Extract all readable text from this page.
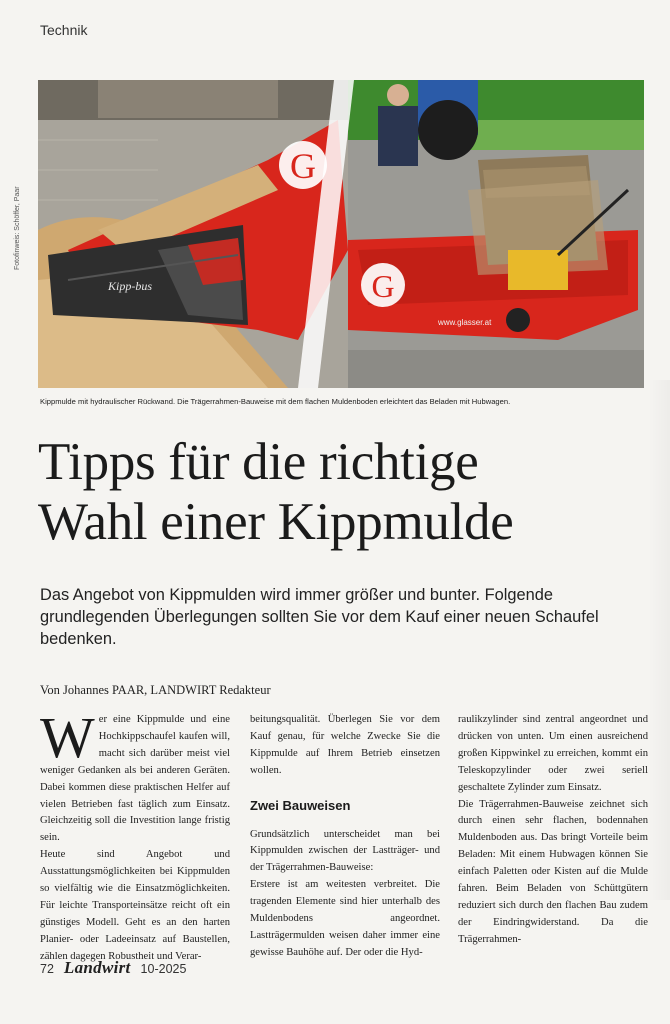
Technik
G
Kipp-bus	G
www.glasser.at
Fotofinweis: Schöffer, Paar
Kippmulde mit hydraulischer Rückwand. Die Trägerrahmen-Bauweise mit dem flachen Muldenboden erleichtert das Beladen mit Hubwagen.
Tipps für die richtige
Wahl einer Kippmulde

Das Angebot von Kippmulden wird immer größer und bunter. Folgende grundlegenden Überlegungen sollten Sie vor dem Kauf einer neuen Schaufel bedenken.

Von Johannes PAAR, LANDWIRT Redakteur

Wer eine Kippmulde und eine Hochkippschaufel kaufen will, macht sich darüber meist viel weniger Gedanken als bei anderen Geräten. Dabei kommen diese praktischen Helfer auf vielen Betrieben fast täglich zum Einsatz. Gleichzeitig soll die Investition lange fristig sein.

Heute sind Angebot und Ausstattungsmöglichkeiten bei Kippmulden so vielfältig wie die Einsatzmöglichkeiten. Für leichte Transporteinsätze reicht oft ein günstiges Modell. Geht es an den harten Planier- oder Ladeeinsatz auf Baustellen, zählen dagegen Robustheit und Verar-

beitungsqualität. Überlegen Sie vor dem Kauf genau, für welche Zwecke Sie die Kippmulde auf Ihrem Betrieb einsetzen wollen.

Zwei Bauweisen

Grundsätzlich unterscheidet man bei Kippmulden zwischen der Lastträger- und der Trägerrahmen-Bauweise:

Erstere ist am weitesten verbreitet. Die tragenden Elemente sind hier unterhalb des Muldenbodens angeordnet. Lastträgermulden weisen daher immer eine gewisse Bauhöhe auf. Der oder die Hyd-

raulikzylinder sind zentral angeordnet und drücken von unten. Um einen ausreichend großen Kippwinkel zu erreichen, kommt ein Teleskopzylinder oder zwei seriell geschaltete Zylinder zum Einsatz.

Die Trägerrahmen-Bauweise zeichnet sich durch einen sehr flachen, bodennahen Muldenboden aus. Das bringt Vorteile beim Beladen: Mit einem Hubwagen können Sie einfach Paletten oder Kisten auf die Mulde fahren. Beim Beladen von Schüttgütern reduziert sich durch den flachen Bau zudem der Eindringwiderstand. Da die Trägerrahmen-

72 Landwirt 10-2025
